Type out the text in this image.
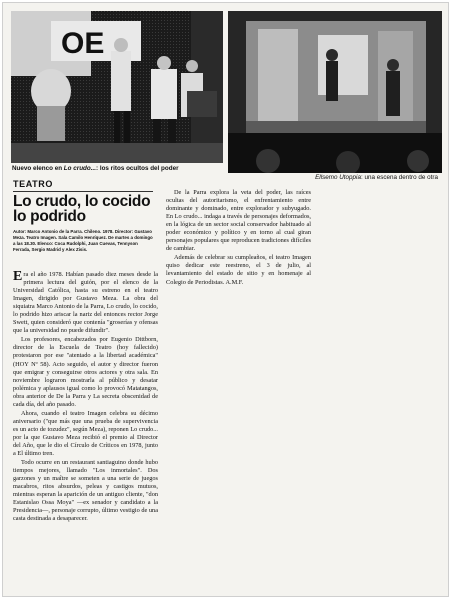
OE
Nuevo elenco en Lo crudo...: los ritos ocultos del poder
Ellsemo Utoppia: una escena dentro de otra
TEATRO
Lo crudo, lo cocido lo podrido
Autor: Marco Antonio de la Parra. Chileno. 1978. Director: Gustavo Meza. Teatro Imagen. Sala Camilo Henríquez. De martes a domingo a las 18.30. Elenco: Coca Rudolphi, Juan Cuevas, Tennyson Ferrada, Sergio Madrid y Alex Zisis.

Era el año 1978. Habían pasado diez meses desde la primera lectura del guión, por el elenco de la Universidad Católica, hasta su estreno en el teatro Imagen, dirigido por Gustavo Meza. La obra del siquiatra Marco Antonio de la Parra, Lo crudo, lo cocido, lo podrido hizo ariscar la nariz del entonces rector Jorge Swett, quien consideró que contenía "groserías y ofensas que la universidad no puede difundir".

Los profesores, encabezados por Eugenio Dittborn, director de la Escuela de Teatro (hoy fallecido) protestaron por ese "atentado a la libertad académica" (HOY Nº 58). Acto seguido, el autor y director fueron que emigrar y conseguirse otros actores y otra sala. En noviembre lograron mostrarla al público y desatar polémica y aplausos igual como lo provocó Matatangos, obra anterior de De la Parra y La secreta obscenidad de cada día, del año pasado.

Ahora, cuando el teatro Imagen celebra su décimo aniversario ("que más que una prueba de supervivencia es un acto de tozudez", según Meza), reponen Lo crudo... por la que Gustavo Meza recibió el premio al Director del Año, que le dio el Círculo de Críticos en 1978, junto a El último tren.

Todo ocurre en un restaurant santiaguino donde hubo tiempos mejores, llamado "Los inmortales". Dos garzones y un maître se someten a una serie de juegos macabros, ritos absurdos, peleas y castigos mutuos, mientras esperan la aparición de un antiguo cliente, "don Estanislao Ossa Moya" —ex senador y candidato a la Presidencia—, personaje corrupto, último vestigio de una casta destinada a desaparecer.

De la Parra explora la veta del poder, las raíces ocultas del autoritarismo, el enfrentamiento entre dominante y dominado, entre explorador y subyugado. En Lo crudo... indaga a través de personajes deformados, en la lógica de un sector social conservador habituado al poder económico y político y en torno al cual giran personajes populares que reproducen tradiciones difíciles de cambiar.

Además de celebrar su cumpleaños, el teatro Imagen quiso dedicar este reestreno, el 3 de julio, al levantamiento del estado de sitio y en homenaje al Colegio de Periodistas. A.M.F.
